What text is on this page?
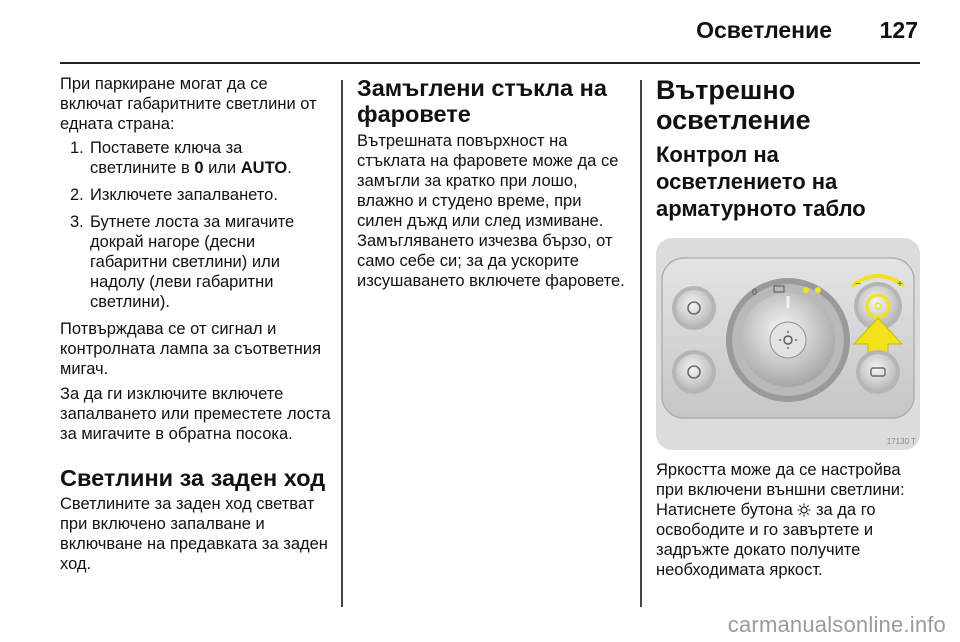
Осветление 127
При паркиране могат да се включат габаритните светлини от едната страна:
1. Поставете ключа за светлините в 0 или AUTO.
2. Изключете запалването.
3. Бутнете лоста за мигачите докрай нагоре (десни габаритни светлини) или надолу (леви габаритни светлини).
Потвърждава се от сигнал и контролната лампа за съответния мигач.
За да ги изключите включете запалването или преместете лоста за мигачите в обратна посока.
Светлини за заден ход
Светлините за заден ход светват при включено запалване и включване на предавката за заден ход.
Замъглени стъкла на фаровете
Вътрешната повърхност на стъклата на фаровете може да се замъгли за кратко при лошо, влажно и студено време, при силен дъжд или след измиване.
Замъгляването изчезва бързо, от само себе си; за да ускорите изсушаването включете фаровете.
Вътрешно осветление
Контрол на осветлението на арматурното табло
0
−	+
17130 T
Яркостта може да се настройва при включени външни светлини:
Натиснете бутона  за да го освободите и го завъртете и задръжте докато получите необходимата яркост.
carmanualsonline.info
